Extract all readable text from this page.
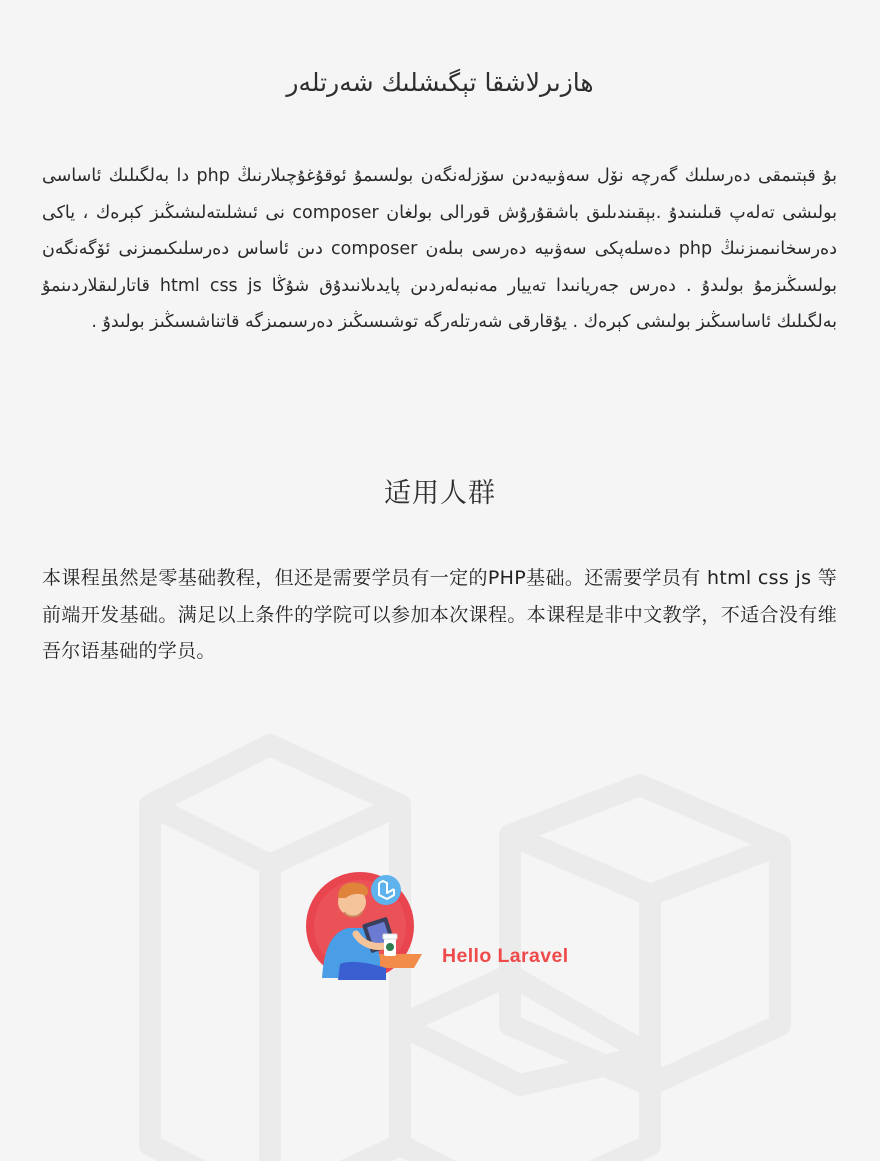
هازىرلاشقا تېگىشلىك شەرتلەر

بۇ قېتىمقى دەرسلىك گەرچە نۆل سەۋىيەدىن سۆزلەنگەن بولسىمۇ ئوقۇغۇچىلارنىڭ php دا بەلگىلىك ئاساسى بولىشى تەلەپ قىلىنىدۇ .بېقىندىلىق باشقۇرۇش قورالى بولغان composer نى ئىشلىتەلىشىڭىز كېرەك ، ياكى دەرسخانىمىزنىڭ php دەسلەپكى سەۋىيە دەرسى بىلەن composer دىن ئاساس دەرسلىكىمىزنى ئۆگەنگەن بولسىڭىزمۇ بولىدۇ . دەرس جەريانىدا تەييار مەنبەلەردىن پايدىلانىدۇق شۇڭا html css js قاتارلىقلاردىنمۇ بەلگىلىك ئاساسىڭىز بولىشى كېرەك . يۇقارقى شەرتلەرگە توشىسىڭىز دەرسىمىزگە قاتناشسىڭىز بولىدۇ .

适用人群

本课程虽然是零基础教程，但还是需要学员有一定的PHP基础。还需要学员有 html css js 等前端开发基础。满足以上条件的学院可以参加本次课程。本课程是非中文教学，不适合没有维吾尔语基础的学员。

Hello Laravel
